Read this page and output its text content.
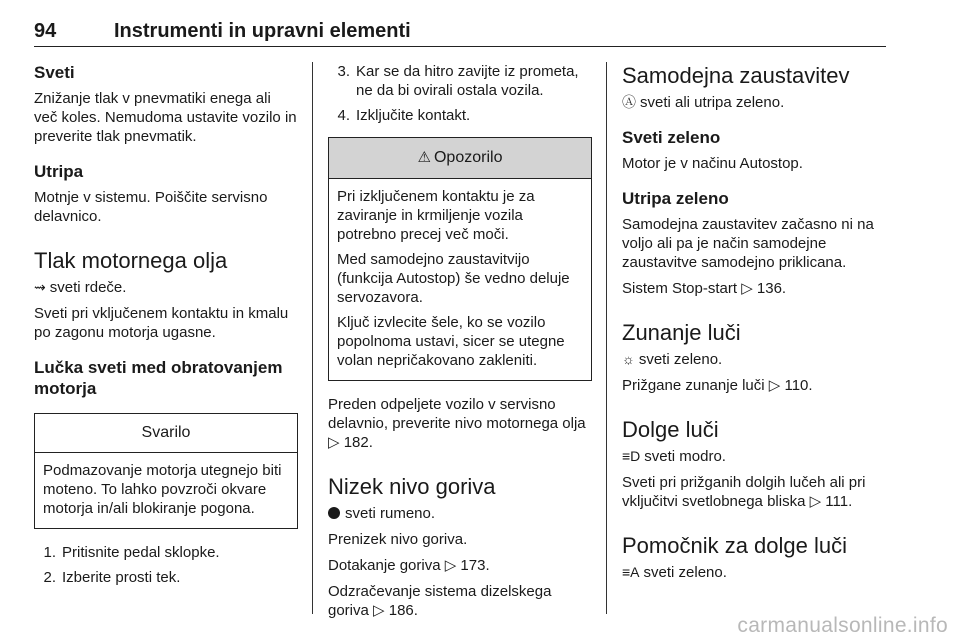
94	Instrumenti in upravni elementi
Sveti
Znižanje tlak v pnevmatiki enega ali več koles. Nemudoma ustavite vozilo in preverite tlak pnevmatik.
Utripa
Motnje v sistemu. Poiščite servisno delavnico.
Tlak motornega olja
⇝ sveti rdeče.
Sveti pri vključenem kontaktu in kmalu po zagonu motorja ugasne.
Lučka sveti med obratovanjem motorja
Svarilo
Podmazovanje motorja utegnejo biti moteno. To lahko povzroči okvare motorja in/ali blokiranje pogona.
1. Pritisnite pedal sklopke.
2. Izberite prosti tek.
3. Kar se da hitro zavijte iz prometa, ne da bi ovirali ostala vozila.
4. Izključite kontakt.
⚠ Opozorilo
Pri izključenem kontaktu je za zaviranje in krmiljenje vozila potrebno precej več moči.
Med samodejno zaustavitvijo (funkcija Autostop) še vedno deluje servozavora.
Ključ izvlecite šele, ko se vozilo popolnoma ustavi, sicer se utegne volan nepričakovano zakleniti.
Preden odpeljete vozilo v servisno delavnio, preverite nivo motornega olja ▷ 182.
Nizek nivo goriva
sveti rumeno.
Prenizek nivo goriva.
Dotakanje goriva ▷ 173.
Odzračevanje sistema dizelskega goriva ▷ 186.
Samodejna zaustavitev
Ⓐ sveti ali utripa zeleno.
Sveti zeleno
Motor je v načinu Autostop.
Utripa zeleno
Samodejna zaustavitev začasno ni na voljo ali pa je način samodejne zaustavitve samodejno priklicana.
Sistem Stop-start ▷ 136.
Zunanje luči
☼ sveti zeleno.
Prižgane zunanje luči ▷ 110.
Dolge luči
≡D sveti modro.
Sveti pri prižganih dolgih lučeh ali pri vključitvi svetlobnega bliska ▷ 111.
Pomočnik za dolge luči
≡A sveti zeleno.
carmanualsonline.info
